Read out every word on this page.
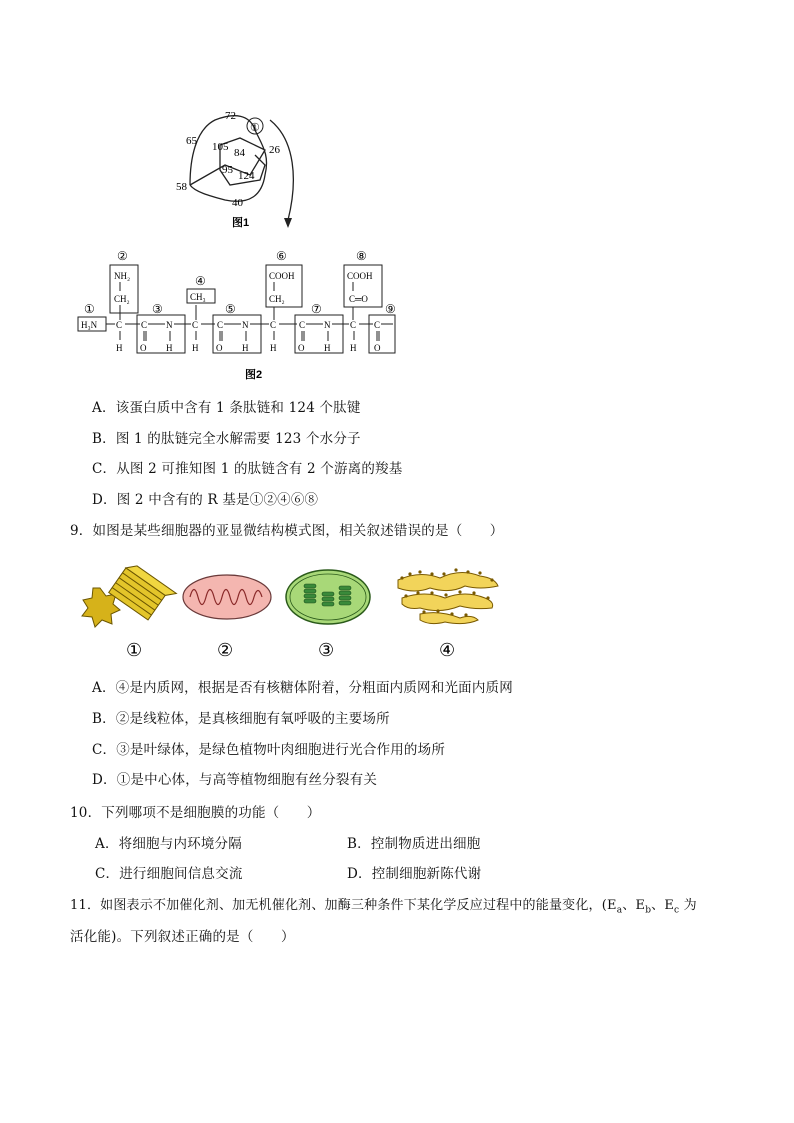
①
72
65 105 84 26
95 124
58
40
图1
①
②
③
④
⑤
⑥
⑦
⑧
⑨
H₃N C
H
NH₂
CH₂
C N
O H
C
CH₃
H
C N
O H
C
COOH
CH₂
H
C N
O H
C
COOH
C═O
H
C
O
图2
A．该蛋白质中含有 1 条肽链和 124 个肽键
B．图 1 的肽链完全水解需要 123 个水分子
C．从图 2 可推知图 1 的肽链含有 2 个游离的羧基
D．图 2 中含有的 R 基是①②④⑥⑧
9．如图是某些细胞器的亚显微结构模式图，相关叙述错误的是（　　）
①	②	③	④
A．④是内质网，根据是否有核糖体附着，分粗面内质网和光面内质网
B．②是线粒体，是真核细胞有氧呼吸的主要场所
C．③是叶绿体，是绿色植物叶肉细胞进行光合作用的场所
D．①是中心体，与高等植物细胞有丝分裂有关
10．下列哪项不是细胞膜的功能（　　）
A．将细胞与内环境分隔	B．控制物质进出细胞
C．进行细胞间信息交流	D．控制细胞新陈代谢
11．如图表示不加催化剂、加无机催化剂、加酶三种条件下某化学反应过程中的能量变化，($E_a$、$E_b$、$E_c$ 为
活化能)。下列叙述正确的是（　　）
